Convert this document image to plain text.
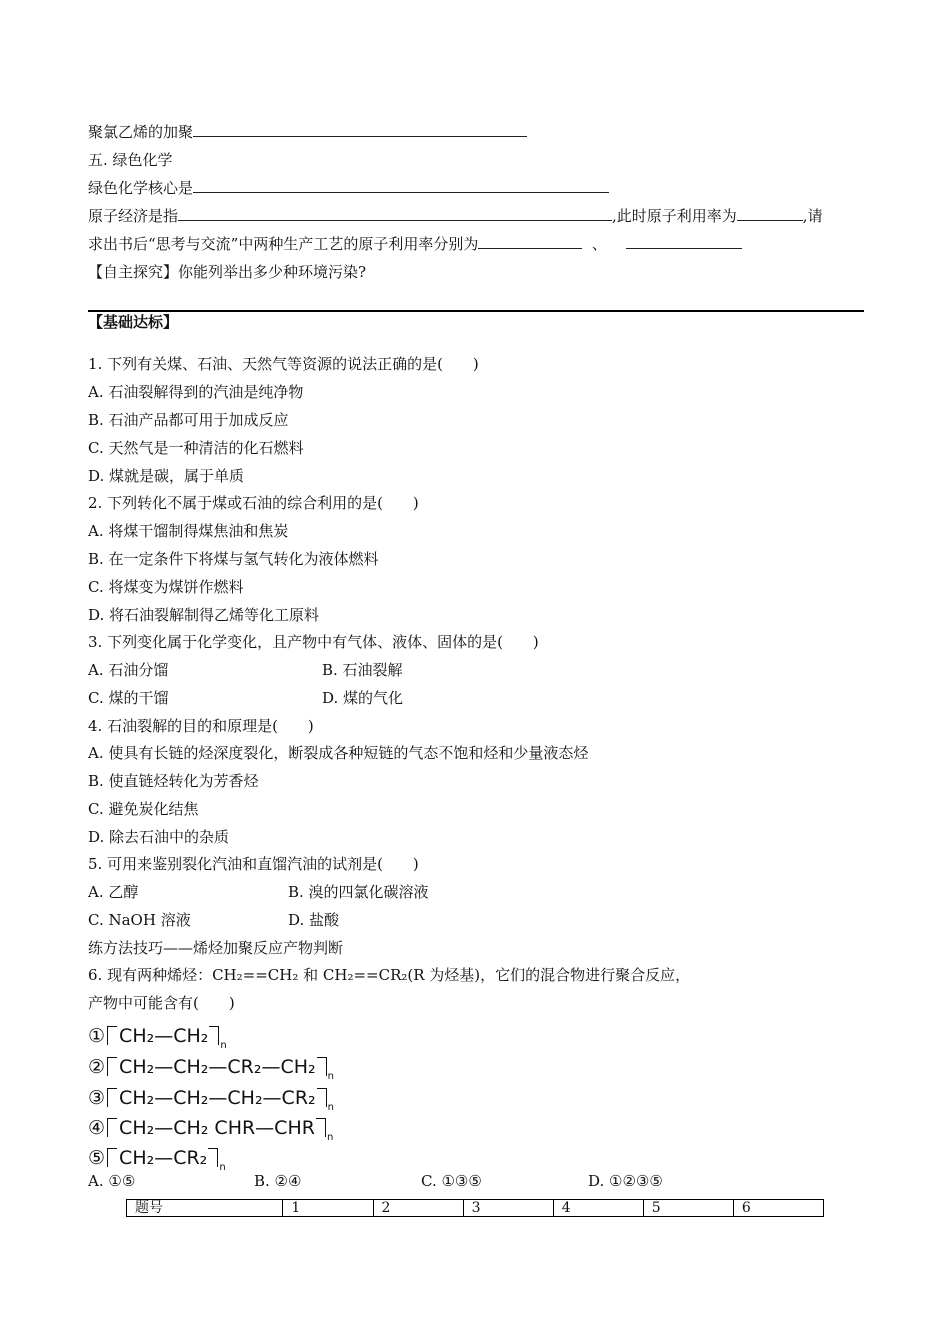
聚氯乙烯的加聚
五. 绿色化学
绿色化学核心是
原子经济是指	,此时原子利用率为	,请
求出书后“思考与交流”中两种生产工艺的原子利用率分别为	、
【自主探究】你能列举出多少种环境污染?
【基础达标】
1. 下列有关煤、石油、天然气等资源的说法正确的是(　　)
A. 石油裂解得到的汽油是纯净物
B. 石油产品都可用于加成反应
C. 天然气是一种清洁的化石燃料
D. 煤就是碳，属于单质
2. 下列转化不属于煤或石油的综合利用的是(　　)
A. 将煤干馏制得煤焦油和焦炭
B. 在一定条件下将煤与氢气转化为液体燃料
C. 将煤变为煤饼作燃料
D. 将石油裂解制得乙烯等化工原料
3. 下列变化属于化学变化，且产物中有气体、液体、固体的是(　　)
A. 石油分馏	B. 石油裂解
C. 煤的干馏	D. 煤的气化
4. 石油裂解的目的和原理是(　　)
A. 使具有长链的烃深度裂化，断裂成各种短链的气态不饱和烃和少量液态烃
B. 使直链烃转化为芳香烃
C. 避免炭化结焦
D. 除去石油中的杂质
5. 可用来鉴别裂化汽油和直馏汽油的试剂是(　　)
A. 乙醇	B. 溴的四氯化碳溶液
C. NaOH 溶液	D. 盐酸
练方法技巧——烯烃加聚反应产物判断
6. 现有两种烯烃：CH₂==CH₂ 和 CH₂==CR₂(R 为烃基)，它们的混合物进行聚合反应，
产物中可能含有(　　)
① CH₂—CH₂ $_n$
② CH₂—CH₂—CR₂—CH₂ $_n$
③ CH₂—CH₂—CH₂—CR₂ $_n$
④ CH₂—CH₂ CHR—CHR $_n$
⑤ CH₂—CR₂ $_n$
A. ①⑤	B. ②④	C. ①③⑤	D. ①②③⑤
题号	1	2	3	4	5	6
